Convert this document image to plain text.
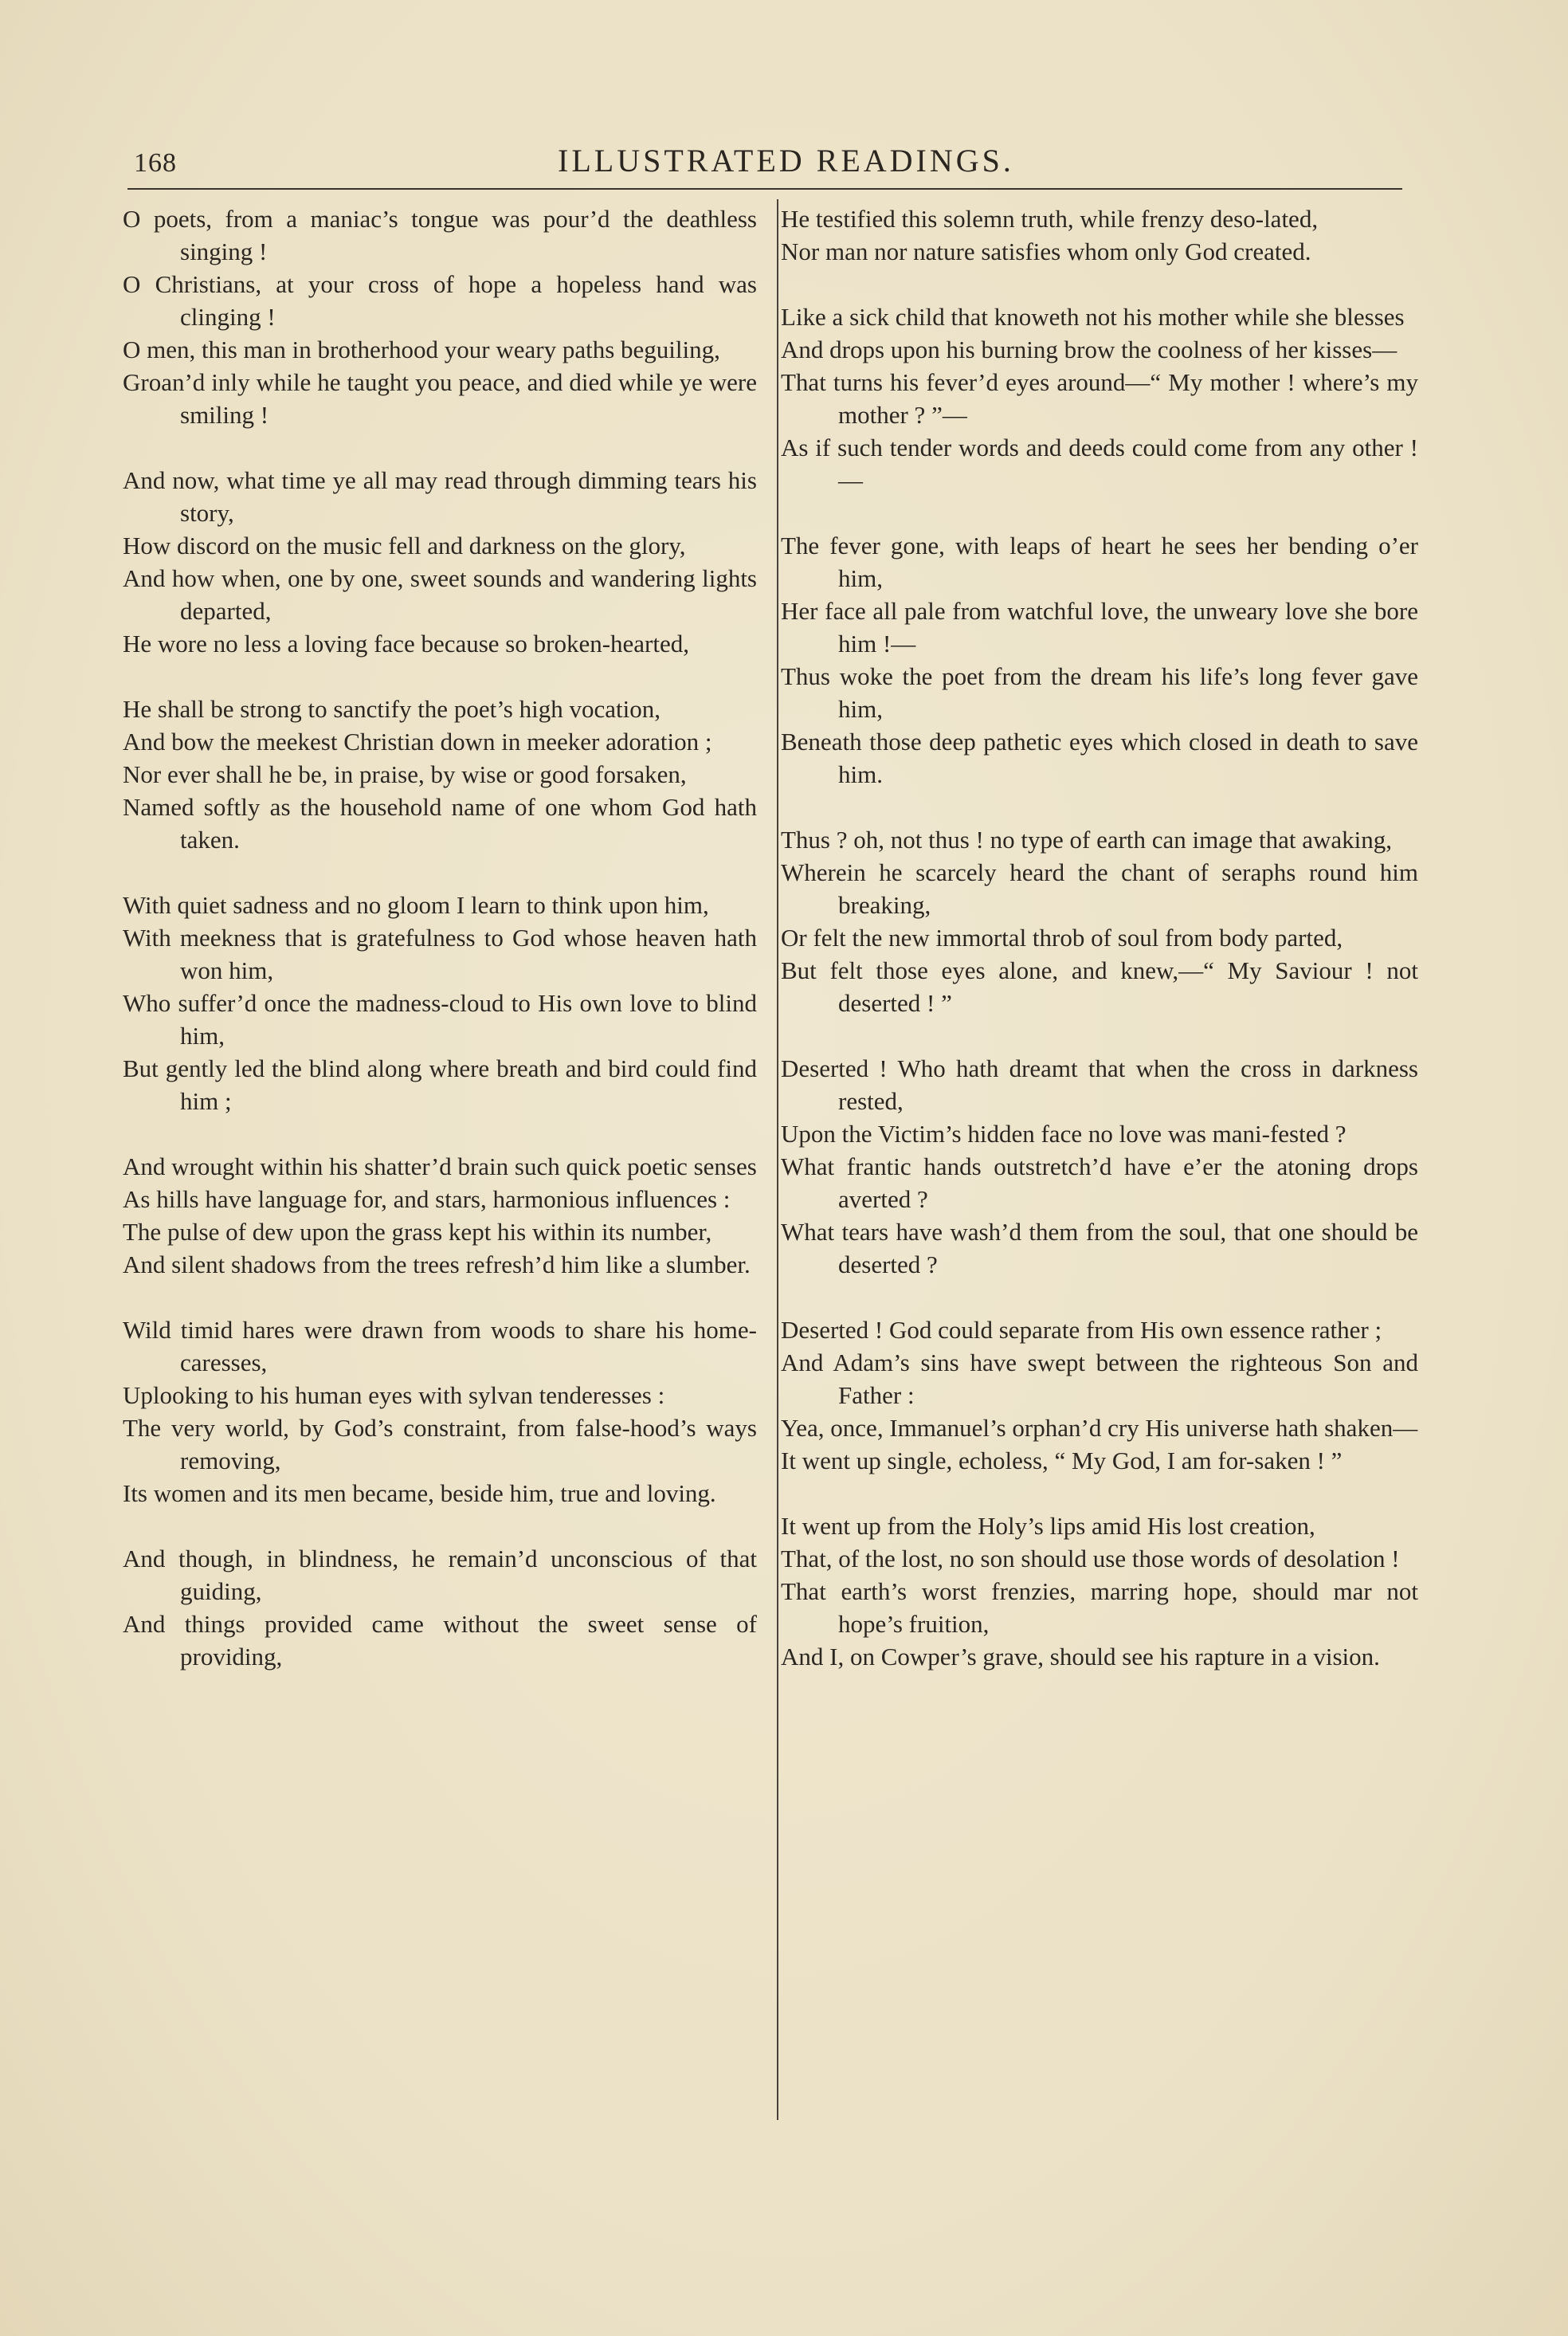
168	ILLUSTRATED READINGS.
O poets, from a maniac’s tongue was pour’d the deathless singing !
O Christians, at your cross of hope a hopeless hand was clinging !
O men, this man in brotherhood your weary paths beguiling,
Groan’d inly while he taught you peace, and died while ye were smiling !
And now, what time ye all may read through dimming tears his story,
How discord on the music fell and darkness on the glory,
And how when, one by one, sweet sounds and wandering lights departed,
He wore no less a loving face because so broken-hearted,
He shall be strong to sanctify the poet’s high vocation,
And bow the meekest Christian down in meeker adoration ;
Nor ever shall he be, in praise, by wise or good forsaken,
Named softly as the household name of one whom God hath taken.
With quiet sadness and no gloom I learn to think upon him,
With meekness that is gratefulness to God whose heaven hath won him,
Who suffer’d once the madness-cloud to His own love to blind him,
But gently led the blind along where breath and bird could find him ;
And wrought within his shatter’d brain such quick poetic senses
As hills have language for, and stars, harmonious influences :
The pulse of dew upon the grass kept his within its number,
And silent shadows from the trees refresh’d him like a slumber.
Wild timid hares were drawn from woods to share his home-caresses,
Uplooking to his human eyes with sylvan tenderesses :
The very world, by God’s constraint, from false-hood’s ways removing,
Its women and its men became, beside him, true and loving.
And though, in blindness, he remain’d unconscious of that guiding,
And things provided came without the sweet sense of providing,
He testified this solemn truth, while frenzy deso-lated,
Nor man nor nature satisfies whom only God created.
Like a sick child that knoweth not his mother while she blesses
And drops upon his burning brow the coolness of her kisses—
That turns his fever’d eyes around—“ My mother ! where’s my mother ? ”—
As if such tender words and deeds could come from any other !—
The fever gone, with leaps of heart he sees her bending o’er him,
Her face all pale from watchful love, the unweary love she bore him !—
Thus woke the poet from the dream his life’s long fever gave him,
Beneath those deep pathetic eyes which closed in death to save him.
Thus ? oh, not thus ! no type of earth can image that awaking,
Wherein he scarcely heard the chant of seraphs round him breaking,
Or felt the new immortal throb of soul from body parted,
But felt those eyes alone, and knew,—“ My Saviour ! not deserted ! ”
Deserted ! Who hath dreamt that when the cross in darkness rested,
Upon the Victim’s hidden face no love was mani-fested ?
What frantic hands outstretch’d have e’er the atoning drops averted ?
What tears have wash’d them from the soul, that one should be deserted ?
Deserted ! God could separate from His own essence rather ;
And Adam’s sins have swept between the righteous Son and Father :
Yea, once, Immanuel’s orphan’d cry His universe hath shaken—
It went up single, echoless, “ My God, I am for-saken ! ”
It went up from the Holy’s lips amid His lost creation,
That, of the lost, no son should use those words of desolation !
That earth’s worst frenzies, marring hope, should mar not hope’s fruition,
And I, on Cowper’s grave, should see his rapture in a vision.
